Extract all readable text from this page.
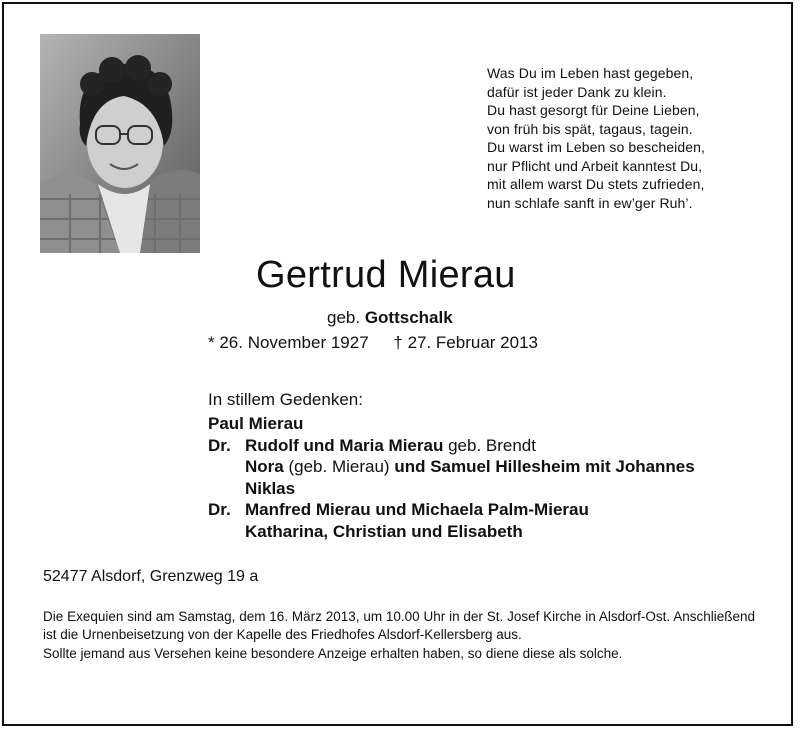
Was Du im Leben hast gegeben,
dafür ist jeder Dank zu klein.
Du hast gesorgt für Deine Lieben,
von früh bis spät, tagaus, tagein.
Du warst im Leben so bescheiden,
nur Pflicht und Arbeit kanntest Du,
mit allem warst Du stets zufrieden,
nun schlafe sanft in ew’ger Ruh’.
Gertrud Mierau
geb. Gottschalk
* 26. November 1927 † 27. Februar 2013
In stillem Gedenken:
Paul Mierau
Dr. Rudolf und Maria Mierau
geb. Brendt
Nora
(geb. Mierau)
und Samuel Hillesheim mit Johannes
Niklas
Dr. Manfred Mierau und Michaela Palm-Mierau
Katharina, Christian und Elisabeth
52477 Alsdorf, Grenzweg 19 a

Die Exequien sind am Samstag, dem 16. März 2013, um 10.00 Uhr in der St. Josef Kirche in Alsdorf-Ost. Anschließend ist die Urnenbeisetzung von der Kapelle des Friedhofes Alsdorf-Kellersberg aus.

Sollte jemand aus Versehen keine besondere Anzeige erhalten haben, so diene diese als solche.
